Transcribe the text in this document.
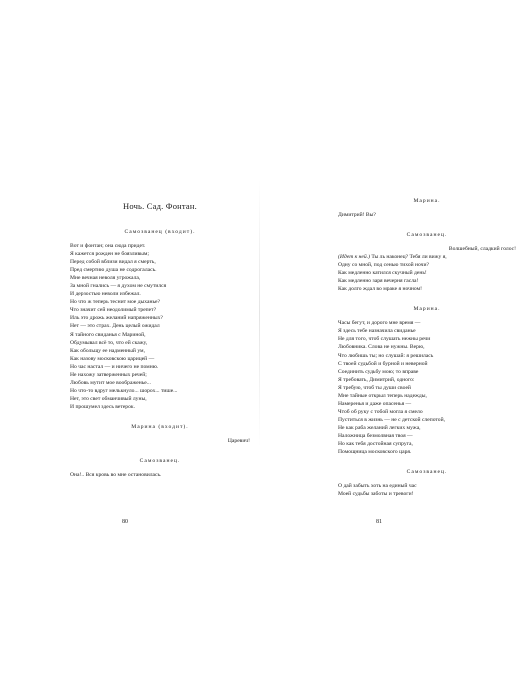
Ночь. Сад. Фонтан.

Самозванец (входит).

Вот и фонтан; она сюда придет.

Я кажется рожден не боязливым;

Перед собой вблизи видал я смерть,

Пред смертию душа не содрогалась.

Мне вечная неволя угрожала,

За мной гнались — я духом не смутился

И дерзостью неволи избежал.

Но что ж теперь теснит мое дыханье?

Что значит сей неодолимый трепет?

Иль это дрожь желаний напряженных?

Нет — это страх. День целый ожидал

Я тайного свиданья с Мариной,

Обдумывал всё то, что ей скажу,

Как обольщу ее надменный ум,

Как назову московскою царицей —

Но час настал — и ничего не помню.

Не нахожу затверженных речей;

Любовь мутит мое воображенье...

Но что-то вдруг мелькнуло... шорох... тише...

Нет, это свет обманчивый луны,

И прошумел здесь ветерок.

Марина (входит).

Царевич!

Самозванец.

Она!.. Вся кровь во мне остановилась.

80

Марина.

Димитрий! Вы?

Самозванец.

Волшебный, сладкий голос!

(Идет к ней.) Ты ль наконец? Тебя ли вижу я,

Одну со мной, под сенью тихой ночи?

Как медленно катился скучный день!

Как медленно заря вечерня гасла!

Как долго ждал во мраке я ночном!

Марина.

Часы бегут, и дорого мне время —

Я здесь тебе назначила свиданье

Не для того, чтоб слушать нежны речи

Любовника. Слова не нужны. Верю,

Что любишь ты; но слушай: я решилась

С твоей судьбой и бурной и неверной

Соединить судьбу мою; то вправе

Я требовать, Димитрий, одного:

Я требую, чтоб ты души своей

Мне тайные открыл теперь надежды,

Намеренья и даже опасенья —

Чтоб об руку с тобой могла я смело

Пуститься в жизнь — не с детской слепотой,

Не как раба желаний легких мужа,

Наложница безмолвная твоя —

Но как тебя достойная супруга,

Помощница московского царя.

Самозванец.

О дай забыть хоть на единый час

Моей судьбы заботы и тревоги!

81
